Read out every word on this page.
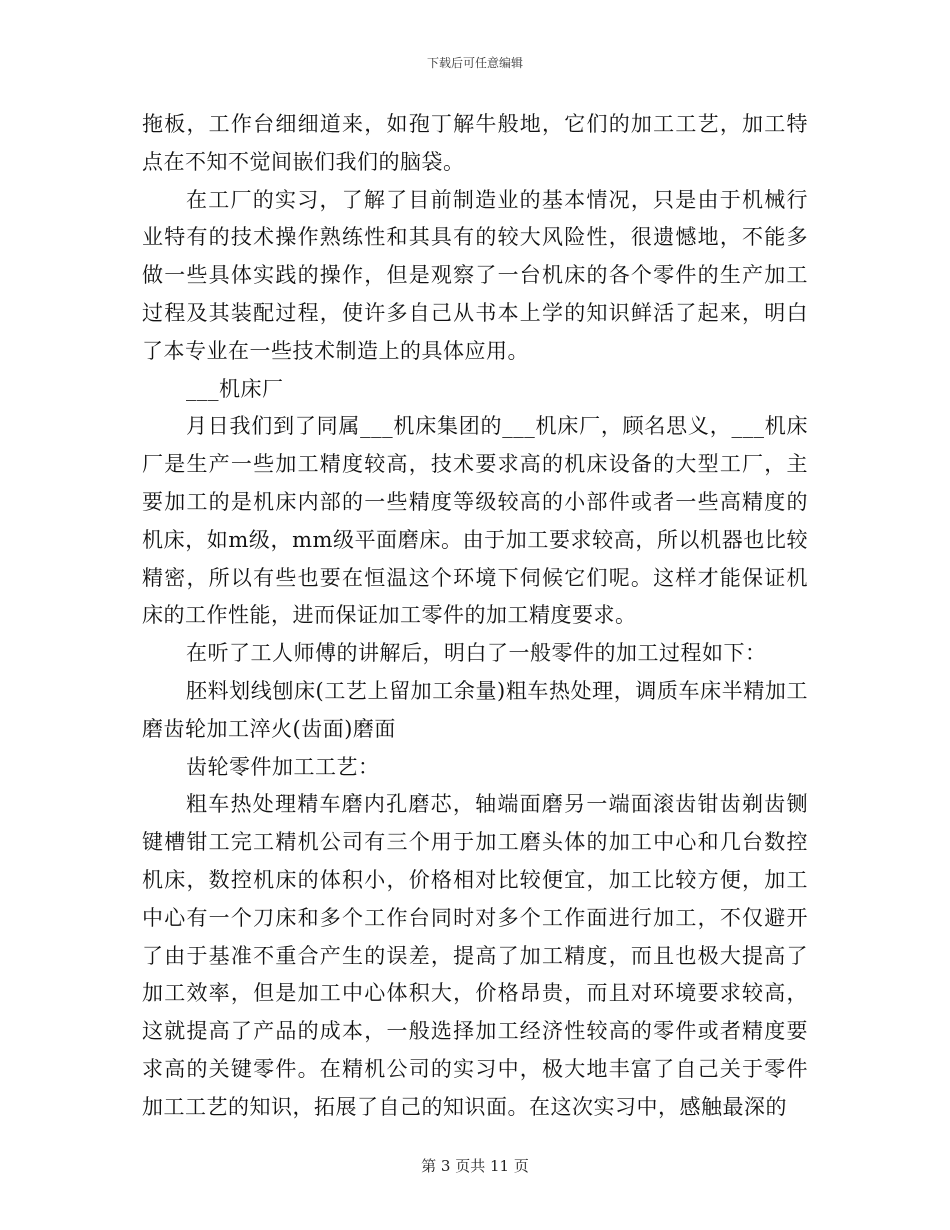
下载后可任意编辑

拖板，工作台细细道来，如孢丁解牛般地，它们的加工工艺，加工特点在不知不觉间嵌们我们的脑袋。

在工厂的实习，了解了目前制造业的基本情况，只是由于机械行业特有的技术操作熟练性和其具有的较大风险性，很遗憾地，不能多做一些具体实践的操作，但是观察了一台机床的各个零件的生产加工过程及其装配过程，使许多自己从书本上学的知识鲜活了起来，明白了本专业在一些技术制造上的具体应用。

___机床厂

月日我们到了同属___机床集团的___机床厂，顾名思义，___机床厂是生产一些加工精度较高，技术要求高的机床设备的大型工厂，主要加工的是机床内部的一些精度等级较高的小部件或者一些高精度的机床，如m级，mm级平面磨床。由于加工要求较高，所以机器也比较精密，所以有些也要在恒温这个环境下伺候它们呢。这样才能保证机床的工作性能，进而保证加工零件的加工精度要求。

在听了工人师傅的讲解后，明白了一般零件的加工过程如下：

胚料划线刨床(工艺上留加工余量)粗车热处理，调质车床半精加工磨齿轮加工淬火(齿面)磨面

齿轮零件加工工艺：

粗车热处理精车磨内孔磨芯，轴端面磨另一端面滚齿钳齿剃齿铡键槽钳工完工精机公司有三个用于加工磨头体的加工中心和几台数控机床，数控机床的体积小，价格相对比较便宜，加工比较方便，加工中心有一个刀床和多个工作台同时对多个工作面进行加工，不仅避开了由于基准不重合产生的误差，提高了加工精度，而且也极大提高了加工效率，但是加工中心体积大，价格昂贵，而且对环境要求较高，这就提高了产品的成本，一般选择加工经济性较高的零件或者精度要求高的关键零件。在精机公司的实习中，极大地丰富了自己关于零件加工工艺的知识，拓展了自己的知识面。在这次实习中，感触最深的

第 3 页共 11 页
